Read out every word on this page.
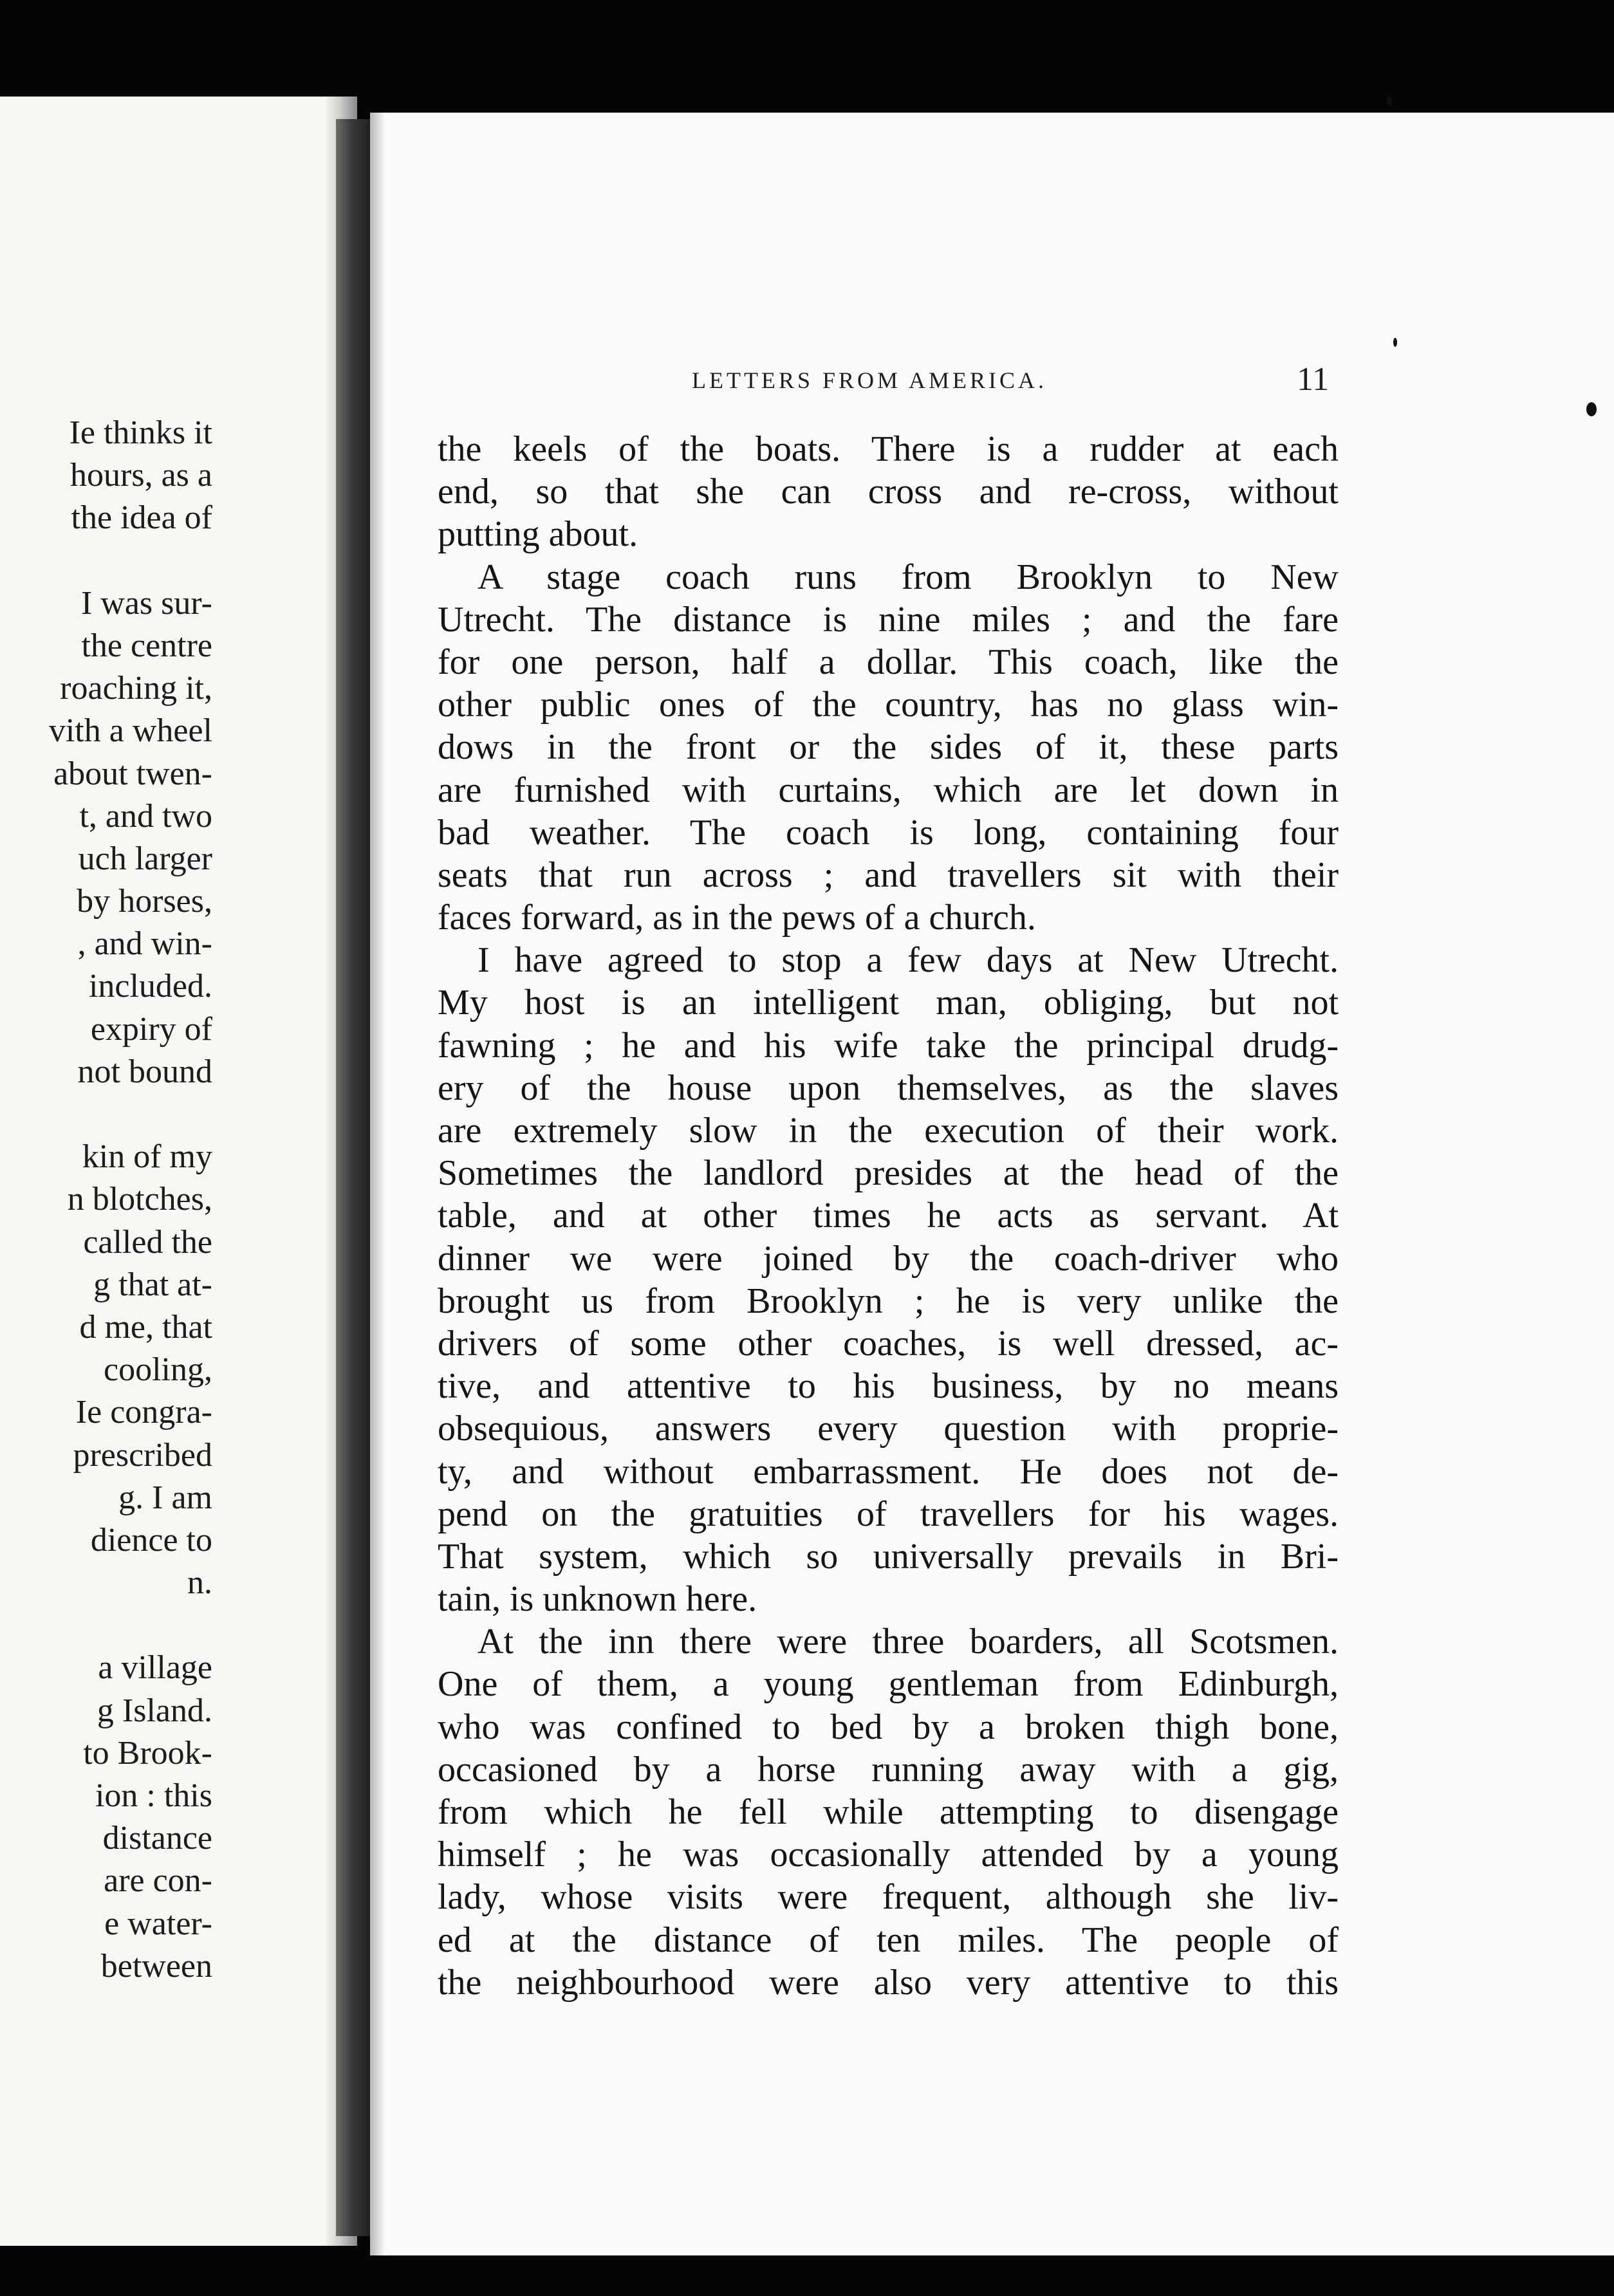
Ie thinks it
hours, as a
the idea of

I was sur-
the centre
roaching it,
vith a wheel
about twen-
t, and two
uch larger
by horses,
, and win-
included.
expiry of
not bound

kin of my
n blotches,
called the
g that at-
d me, that
cooling,
Ie congra-
prescribed
g. I am
dience to
n.

a village
g Island.
to Brook-
ion : this
distance
are con-
e water-
between
LETTERS FROM AMERICA.	11
the keels of the boats. There is a rudder at each
end, so that she can cross and re-cross, without
putting about.
A stage coach runs from Brooklyn to New
Utrecht. The distance is nine miles ; and the fare
for one person, half a dollar. This coach, like the
other public ones of the country, has no glass win-
dows in the front or the sides of it, these parts
are furnished with curtains, which are let down in
bad weather. The coach is long, containing four
seats that run across ; and travellers sit with their
faces forward, as in the pews of a church.
I have agreed to stop a few days at New Utrecht.
My host is an intelligent man, obliging, but not
fawning ; he and his wife take the principal drudg-
ery of the house upon themselves, as the slaves
are extremely slow in the execution of their work.
Sometimes the landlord presides at the head of the
table, and at other times he acts as servant. At
dinner we were joined by the coach-driver who
brought us from Brooklyn ; he is very unlike the
drivers of some other coaches, is well dressed, ac-
tive, and attentive to his business, by no means
obsequious, answers every question with proprie-
ty, and without embarrassment. He does not de-
pend on the gratuities of travellers for his wages.
That system, which so universally prevails in Bri-
tain, is unknown here.
At the inn there were three boarders, all Scotsmen.
One of them, a young gentleman from Edinburgh,
who was confined to bed by a broken thigh bone,
occasioned by a horse running away with a gig,
from which he fell while attempting to disengage
himself ; he was occasionally attended by a young
lady, whose visits were frequent, although she liv-
ed at the distance of ten miles. The people of
the neighbourhood were also very attentive to this
